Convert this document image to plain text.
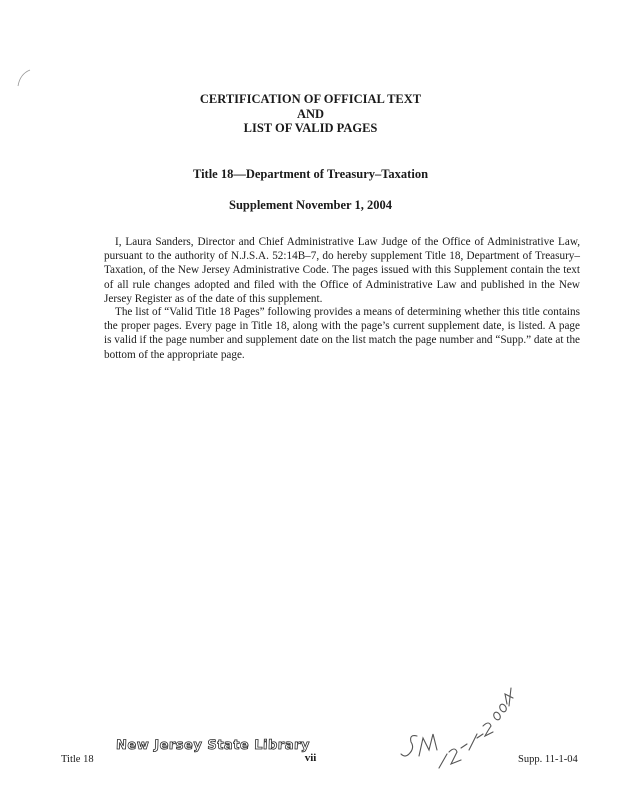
CERTIFICATION OF OFFICIAL TEXT
AND
LIST OF VALID PAGES
Title 18—Department of Treasury–Taxation
Supplement November 1, 2004
I, Laura Sanders, Director and Chief Administrative Law Judge of the Office of Administrative Law, pursuant to the authority of N.J.S.A. 52:14B–7, do hereby supplement Title 18, Department of Treasury–Taxation, of the New Jersey Administrative Code. The pages issued with this Supplement contain the text of all rule changes adopted and filed with the Office of Administrative Law and published in the New Jersey Register as of the date of this supplement.
The list of “Valid Title 18 Pages” following provides a means of determining whether this title contains the proper pages. Every page in Title 18, along with the page’s current supplement date, is listed. A page is valid if the page number and supplement date on the list match the page number and “Supp.” date at the bottom of the appropriate page.
Title 18
New Jersey State Library
vii	Supp. 11-1-04
